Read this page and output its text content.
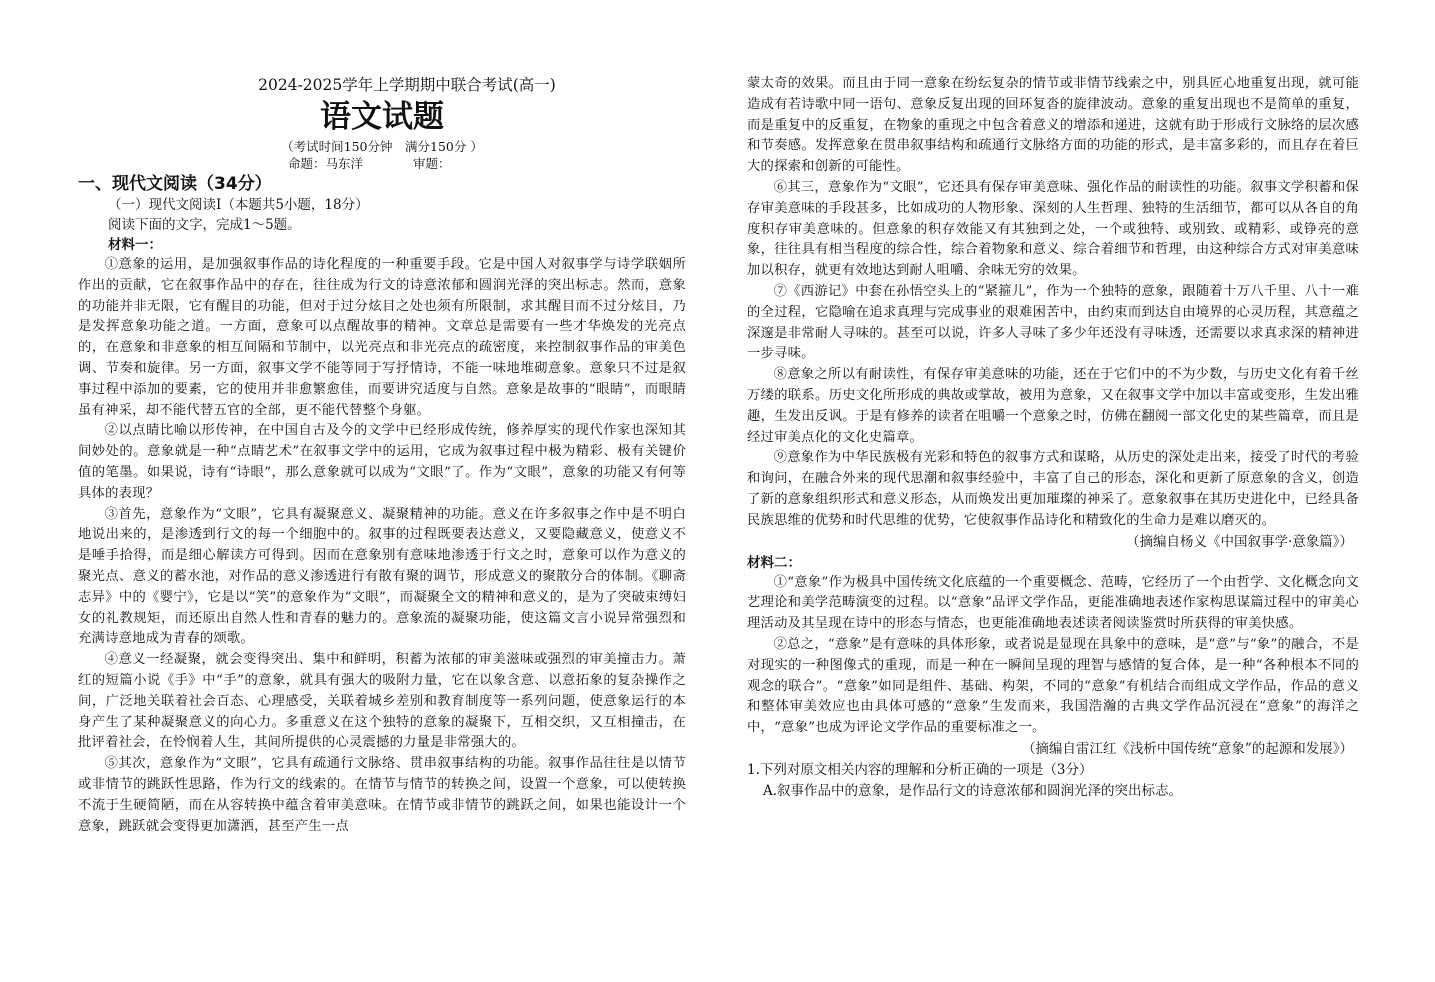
2024-2025学年上学期期中联合考试(高一)
语文试题
（考试时间150分钟　满分150分 ）
命题：马东洋　　　　审题：
一、现代文阅读（34分）
（一）现代文阅读Ⅰ（本题共5小题，18分）
阅读下面的文字，完成1～5题。
材料一：

①意象的运用，是加强叙事作品的诗化程度的一种重要手段。它是中国人对叙事学与诗学联姻所作出的贡献，它在叙事作品中的存在，往往成为行文的诗意浓郁和圆润光泽的突出标志。然而，意象的功能并非无限，它有醒目的功能，但对于过分炫目之处也须有所限制，求其醒目而不过分炫目，乃是发挥意象功能之道。一方面，意象可以点醒故事的精神。文章总是需要有一些才华焕发的光亮点的，在意象和非意象的相互间隔和节制中，以光亮点和非光亮点的疏密度，来控制叙事作品的审美色调、节奏和旋律。另一方面，叙事文学不能等同于写抒情诗，不能一味地堆砌意象。意象只不过是叙事过程中添加的要素，它的使用并非愈繁愈佳，而要讲究适度与自然。意象是故事的“眼睛”，而眼睛虽有神采，却不能代替五官的全部，更不能代替整个身躯。

②以点睛比喻以形传神，在中国自古及今的文学中已经形成传统，修养厚实的现代作家也深知其间妙处的。意象就是一种“点睛艺术”在叙事文学中的运用，它成为叙事过程中极为精彩、极有关键价值的笔墨。如果说，诗有“诗眼”，那么意象就可以成为“文眼”了。作为“文眼”，意象的功能又有何等具体的表现？

③首先，意象作为“文眼”，它具有凝聚意义、凝聚精神的功能。意义在许多叙事之作中是不明白地说出来的，是渗透到行文的每一个细胞中的。叙事的过程既要表达意义，又要隐藏意义，使意义不是唾手拾得，而是细心解读方可得到。因而在意象别有意味地渗透于行文之时，意象可以作为意义的聚光点、意义的蓄水池，对作品的意义渗透进行有散有聚的调节，形成意义的聚散分合的体制。《聊斋志异》中的《婴宁》，它是以“笑”的意象作为“文眼”，而凝聚全文的精神和意义的，是为了突破束缚妇女的礼教规矩，而还原出自然人性和青春的魅力的。意象流的凝聚功能，使这篇文言小说异常强烈和充满诗意地成为青春的颂歌。

④意义一经凝聚，就会变得突出、集中和鲜明，积蓄为浓郁的审美滋味或强烈的审美撞击力。萧红的短篇小说《手》中“手”的意象，就具有强大的吸附力量，它在以象含意、以意拓象的复杂操作之间，广泛地关联着社会百态、心理感受，关联着城乡差别和教育制度等一系列问题，使意象运行的本身产生了某种凝聚意义的向心力。多重意义在这个独特的意象的凝聚下，互相交织，又互相撞击，在批评着社会，在怜悯着人生，其间所提供的心灵震撼的力量是非常强大的。

⑤其次，意象作为“文眼”，它具有疏通行文脉络、贯串叙事结构的功能。叙事作品往往是以情节或非情节的跳跃性思路，作为行文的线索的。在情节与情节的转换之间，设置一个意象，可以使转换不流于生硬简陋，而在从容转换中蕴含着审美意味。在情节或非情节的跳跃之间，如果也能设计一个意象，跳跃就会变得更加潇洒，甚至产生一点

蒙太奇的效果。而且由于同一意象在纷纭复杂的情节或非情节线索之中，别具匠心地重复出现，就可能造成有若诗歌中同一语句、意象反复出现的回环复沓的旋律波动。意象的重复出现也不是简单的重复，而是重复中的反重复，在物象的重现之中包含着意义的增添和递进，这就有助于形成行文脉络的层次感和节奏感。发挥意象在贯串叙事结构和疏通行文脉络方面的功能的形式，是丰富多彩的，而且存在着巨大的探索和创新的可能性。

⑥其三，意象作为“文眼”，它还具有保存审美意味、强化作品的耐读性的功能。叙事文学积蓄和保存审美意味的手段甚多，比如成功的人物形象、深刻的人生哲理、独特的生活细节，都可以从各自的角度积存审美意味的。但意象的积存效能又有其独到之处，一个或独特、或别致、或精彩、或铮亮的意象，往往具有相当程度的综合性，综合着物象和意义、综合着细节和哲理，由这种综合方式对审美意味加以积存，就更有效地达到耐人咀嚼、余味无穷的效果。

⑦《西游记》中套在孙悟空头上的“紧箍儿”，作为一个独特的意象，跟随着十万八千里、八十一难的全过程，它隐喻在追求真理与完成事业的艰难困苦中，由约束而到达自由境界的心灵历程，其意蕴之深邃是非常耐人寻味的。甚至可以说，许多人寻味了多少年还没有寻味透，还需要以求真求深的精神进一步寻味。

⑧意象之所以有耐读性，有保存审美意味的功能，还在于它们中的不为少数，与历史文化有着千丝万缕的联系。历史文化所形成的典故或掌故，被用为意象，又在叙事文学中加以丰富或变形，生发出雅趣，生发出反讽。于是有修养的读者在咀嚼一个意象之时，仿佛在翻阅一部文化史的某些篇章，而且是经过审美点化的文化史篇章。

⑨意象作为中华民族极有光彩和特色的叙事方式和谋略，从历史的深处走出来，接受了时代的考验和询问，在融合外来的现代思潮和叙事经验中，丰富了自己的形态，深化和更新了原意象的含义，创造了新的意象组织形式和意义形态，从而焕发出更加璀璨的神采了。意象叙事在其历史进化中，已经具备民族思维的优势和时代思维的优势，它使叙事作品诗化和精致化的生命力是难以磨灭的。

（摘编自杨义《中国叙事学·意象篇》）
材料二：

①“意象”作为极具中国传统文化底蕴的一个重要概念、范畴，它经历了一个由哲学、文化概念向文艺理论和美学范畴演变的过程。以“意象”品评文学作品，更能准确地表述作家构思谋篇过程中的审美心理活动及其呈现在诗中的形态与情态，也更能准确地表述读者阅读鉴赏时所获得的审美快感。

②总之，“意象”是有意味的具体形象，或者说是显现在具象中的意味，是“意”与“象”的融合，不是对现实的一种图像式的重现，而是一种在一瞬间呈现的理智与感情的复合体，是一种“各种根本不同的观念的联合”。“意象”如同是组件、基础、构架，不同的“意象”有机结合而组成文学作品，作品的意义和整体审美效应也由具体可感的“意象”生发而来，我国浩瀚的古典文学作品沉浸在“意象”的海洋之中，“意象”也成为评论文学作品的重要标准之一。

（摘编自雷江红《浅析中国传统“意象”的起源和发展》）
1.下列对原文相关内容的理解和分析正确的一项是（3分）
A.叙事作品中的意象，是作品行文的诗意浓郁和圆润光泽的突出标志。
